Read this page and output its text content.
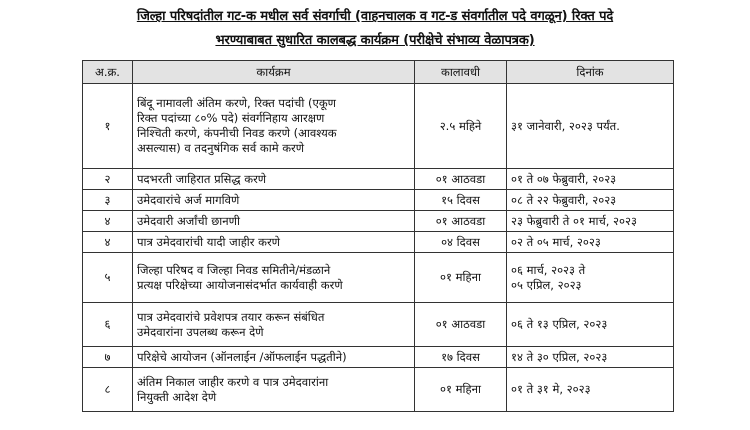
जिल्हा परिषदांतील गट-क मधील सर्व संवर्गाची (वाहनचालक व गट-ड संवर्गातील पदे वगळून) रिक्त पदे
भरण्याबाबत सुधारित कालबद्ध कार्यक्रम (परीक्षेचे संभाव्य वेळापत्रक)
अ.क्र.	कार्यक्रम	कालावधी	दिनांक
१	बिंदू नामावली अंतिम करणे, रिक्त पदांची (एकूण
रिक्त पदांच्या ८०% पदे) संवर्गनिहाय आरक्षण
निश्चिती करणे, कंपनीची निवड करणे (आवश्यक
असल्यास) व तदनुषंगिक सर्व कामे करणे	२.५ महिने	३१ जानेवारी, २०२३ पर्यंत.
२	पदभरती जाहिरात प्रसिद्ध करणे	०१ आठवडा	०१ ते ०७ फेब्रुवारी, २०२३
३	उमेदवारांचे अर्ज मागविणे	१५ दिवस	०८ ते २२ फेब्रुवारी, २०२३
४	उमेदवारी अर्जांची छानणी	०१ आठवडा	२३ फेब्रुवारी ते ०१ मार्च, २०२३
४	पात्र उमेदवारांची यादी जाहीर करणे	०४ दिवस	०२ ते ०५ मार्च, २०२३
५	जिल्हा परिषद व जिल्हा निवड समितीने/मंडळाने
प्रत्यक्ष परिक्षेच्या आयोजनासंदर्भात कार्यवाही करणे	०१ महिना	०६ मार्च, २०२३ ते
०५ एप्रिल, २०२३

६	पात्र उमेदवारांचे प्रवेशपत्र तयार करून संबंधित
उमेदवारांना उपलब्ध करून देणे	०१ आठवडा	०६ ते १३ एप्रिल, २०२३
७	परिक्षेचे आयोजन (ऑनलाईन /ऑफलाईन पद्धतीने)	१७ दिवस	१४ ते ३० एप्रिल, २०२३
८	अंतिम निकाल जाहीर करणे व पात्र उमेदवारांना
नियुक्ती आदेश देणे	०१ महिना	०१ ते ३१ मे, २०२३
